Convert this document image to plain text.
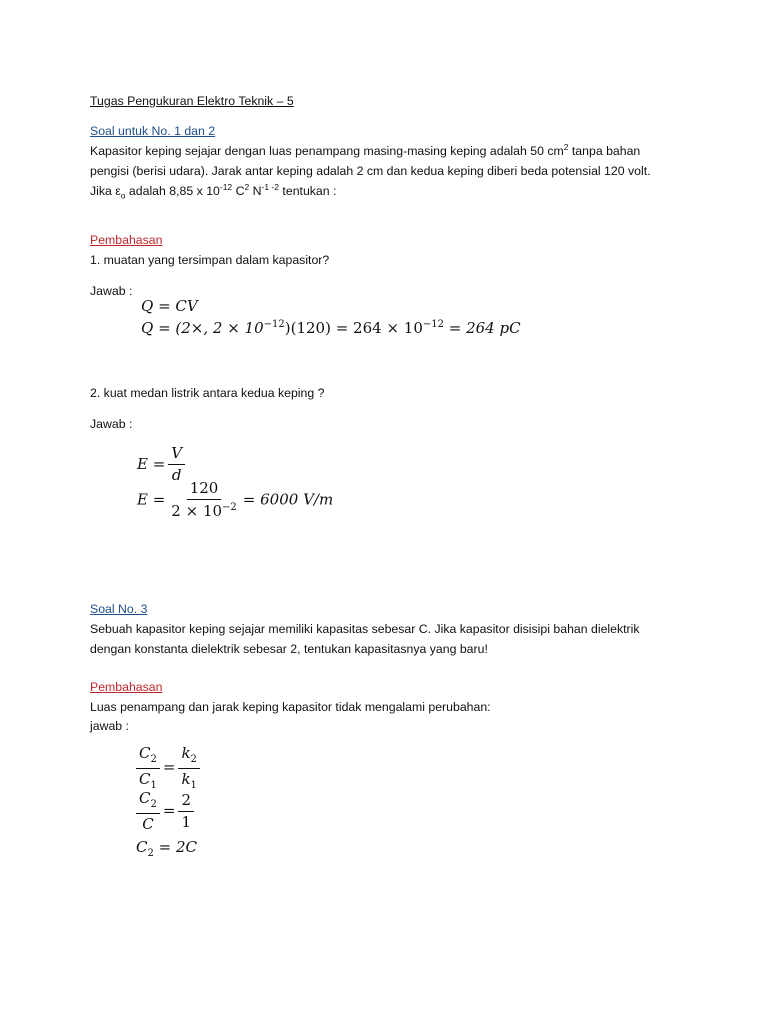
Tugas Pengukuran Elektro Teknik – 5
Soal untuk No. 1 dan 2
Kapasitor keping sejajar dengan luas penampang masing-masing keping adalah 50 $cm^2$ tanpa bahan
pengisi (berisi udara). Jarak antar keping adalah 2 cm dan kedua keping diberi beda potensial 120 volt.
Jika $\varepsilon_o$ adalah 8,85 x $10^{-12}$ $C^2$ $N^{-1 -2}$ tentukan :
Pembahasan
1. muatan yang tersimpan dalam kapasitor?
Jawab :
Q = CV
Q = (2×, $2 \times 10^{-12})(120) = 264 \times 10^{-12} = 264$ pC
2. kuat medan listrik antara kedua keping ?
Jawab :
$E = \frac{V}{d}$
$E = \frac{120}{2 \times 10^{-2}} = 6000$ V/m
Soal No. 3
Sebuah kapasitor keping sejajar memiliki kapasitas sebesar C. Jika kapasitor disisipi bahan dielektrik
dengan konstanta dielektrik sebesar 2, tentukan kapasitasnya yang baru!
Pembahasan
Luas penampang dan jarak keping kapasitor tidak mengalami perubahan:
jawab :
$\frac{C_2}{C_1} = \frac{k_2}{k_1}$
$\frac{C_2}{C} = \frac{2}{1}$
$C_2 = 2C$
